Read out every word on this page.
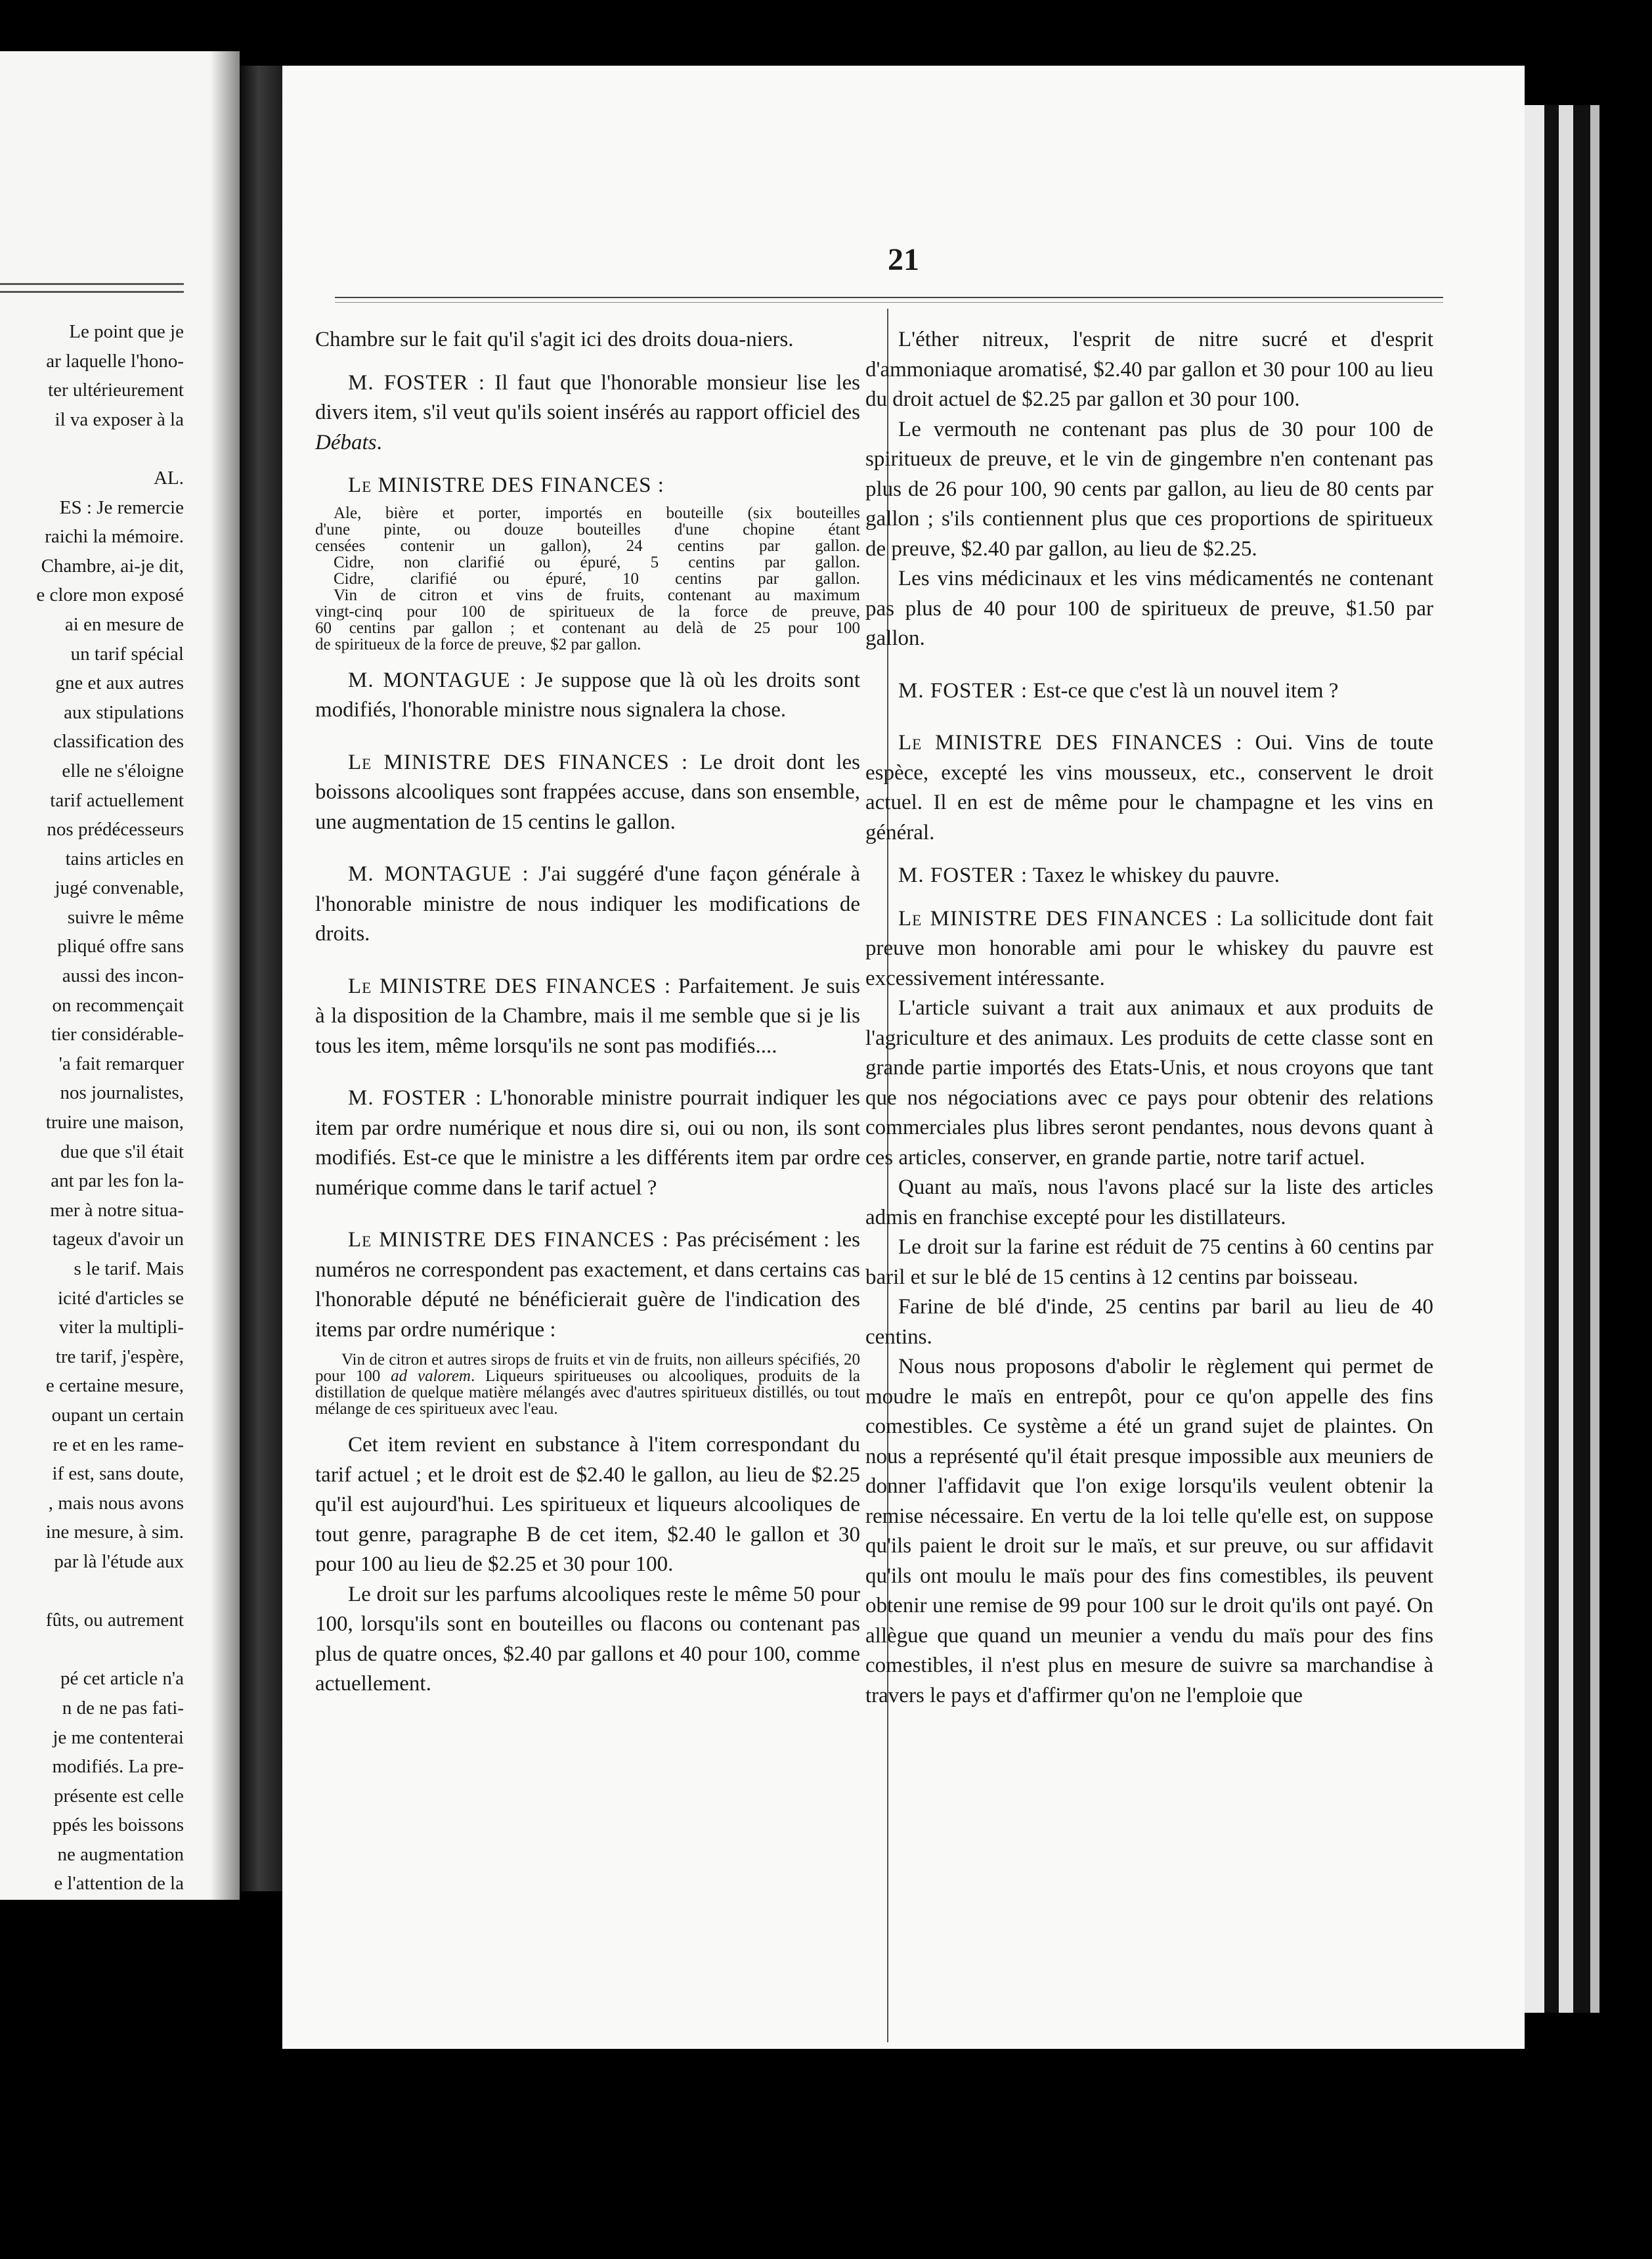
Le point que je
ar laquelle l'hono-
ter ultérieurement
il va exposer à la
AL.
ES : Je remercie
raichi la mémoire.
Chambre, ai-je dit,
e clore mon exposé
ai en mesure de
un tarif spécial
gne et aux autres
aux stipulations
classification des
elle ne s'éloigne
tarif actuellement
nos prédécesseurs
tains articles en
jugé convenable,
suivre le même
pliqué offre sans
aussi des incon-
on recommençait
tier considérable-
'a fait remarquer
nos journalistes,
truire une maison,
due que s'il était
ant par les fon la-
mer à notre situa-
tageux d'avoir un
s le tarif. Mais
icité d'articles se
viter la multipli-
tre tarif, j'espère,
e certaine mesure,
oupant un certain
re et en les rame-
if est, sans doute,
, mais nous avons
ine mesure, à sim.
par là l'étude aux
fûts, ou autrement
pé cet article n'a
n de ne pas fati-
je me contenterai
modifiés. La pre-
présente est celle
ppés les boissons
ne augmentation
e l'attention de la
21

Chambre sur le fait qu'il s'agit ici des droits doua-niers.

M. FOSTER : Il faut que l'honorable monsieur lise les divers item, s'il veut qu'ils soient insérés au rapport officiel des Débats.

Le MINISTRE DES FINANCES :

Ale, bière et porter, importés en bouteille (six bouteilles
d'une pinte, ou douze bouteilles d'une chopine étant
censées contenir un gallon), 24 centins par gallon.
Cidre, non clarifié ou épuré, 5 centins par gallon.
Cidre, clarifié ou épuré, 10 centins par gallon.
Vin de citron et vins de fruits, contenant au maximum
vingt-cinq pour 100 de spiritueux de la force de preuve,
60 centins par gallon ; et contenant au delà de 25 pour 100
de spiritueux de la force de preuve, $2 par gallon.

M. MONTAGUE : Je suppose que là où les droits sont modifiés, l'honorable ministre nous signalera la chose.

Le MINISTRE DES FINANCES : Le droit dont les boissons alcooliques sont frappées accuse, dans son ensemble, une augmentation de 15 centins le gallon.

M. MONTAGUE : J'ai suggéré d'une façon générale à l'honorable ministre de nous indiquer les modifications de droits.

Le MINISTRE DES FINANCES : Parfaitement. Je suis à la disposition de la Chambre, mais il me semble que si je lis tous les item, même lorsqu'ils ne sont pas modifiés....

M. FOSTER : L'honorable ministre pourrait indiquer les item par ordre numérique et nous dire si, oui ou non, ils sont modifiés. Est-ce que le ministre a les différents item par ordre numérique comme dans le tarif actuel ?

Le MINISTRE DES FINANCES : Pas précisément : les numéros ne correspondent pas exactement, et dans certains cas l'honorable député ne bénéficierait guère de l'indication des items par ordre numérique :

Vin de citron et autres sirops de fruits et vin de fruits, non ailleurs spécifiés, 20 pour 100 ad valorem. Liqueurs spiritueuses ou alcooliques, produits de la distillation de quelque matière mélangés avec d'autres spiritueux distillés, ou tout mélange de ces spiritueux avec l'eau.

Cet item revient en substance à l'item correspondant du tarif actuel ; et le droit est de $2.40 le gallon, au lieu de $2.25 qu'il est aujourd'hui. Les spiritueux et liqueurs alcooliques de tout genre, paragraphe B de cet item, $2.40 le gallon et 30 pour 100 au lieu de $2.25 et 30 pour 100.

Le droit sur les parfums alcooliques reste le même 50 pour 100, lorsqu'ils sont en bouteilles ou flacons ou contenant pas plus de quatre onces, $2.40 par gallons et 40 pour 100, comme actuellement.

L'éther nitreux, l'esprit de nitre sucré et d'esprit d'ammoniaque aromatisé, $2.40 par gallon et 30 pour 100 au lieu du droit actuel de $2.25 par gallon et 30 pour 100.

Le vermouth ne contenant pas plus de 30 pour 100 de spiritueux de preuve, et le vin de gingembre n'en contenant pas plus de 26 pour 100, 90 cents par gallon, au lieu de 80 cents par gallon ; s'ils contiennent plus que ces proportions de spiritueux de preuve, $2.40 par gallon, au lieu de $2.25.

Les vins médicinaux et les vins médicamentés ne contenant pas plus de 40 pour 100 de spiritueux de preuve, $1.50 par gallon.

M. FOSTER : Est-ce que c'est là un nouvel item ?

Le MINISTRE DES FINANCES : Oui. Vins de toute espèce, excepté les vins mousseux, etc., conservent le droit actuel. Il en est de même pour le champagne et les vins en général.

M. FOSTER : Taxez le whiskey du pauvre.

Le MINISTRE DES FINANCES : La sollicitude dont fait preuve mon honorable ami pour le whiskey du pauvre est excessivement intéressante.

L'article suivant a trait aux animaux et aux produits de l'agriculture et des animaux. Les produits de cette classe sont en grande partie importés des Etats-Unis, et nous croyons que tant que nos négociations avec ce pays pour obtenir des relations commerciales plus libres seront pendantes, nous devons quant à ces articles, conserver, en grande partie, notre tarif actuel.

Quant au maïs, nous l'avons placé sur la liste des articles admis en franchise excepté pour les distillateurs.

Le droit sur la farine est réduit de 75 centins à 60 centins par baril et sur le blé de 15 centins à 12 centins par boisseau.

Farine de blé d'inde, 25 centins par baril au lieu de 40 centins.

Nous nous proposons d'abolir le règlement qui permet de moudre le maïs en entrepôt, pour ce qu'on appelle des fins comestibles. Ce système a été un grand sujet de plaintes. On nous a représenté qu'il était presque impossible aux meuniers de donner l'affidavit que l'on exige lorsqu'ils veulent obtenir la remise nécessaire. En vertu de la loi telle qu'elle est, on suppose qu'ils paient le droit sur le maïs, et sur preuve, ou sur affidavit qu'ils ont moulu le maïs pour des fins comestibles, ils peuvent obtenir une remise de 99 pour 100 sur le droit qu'ils ont payé. On allègue que quand un meunier a vendu du maïs pour des fins comestibles, il n'est plus en mesure de suivre sa marchandise à travers le pays et d'affirmer qu'on ne l'emploie que
